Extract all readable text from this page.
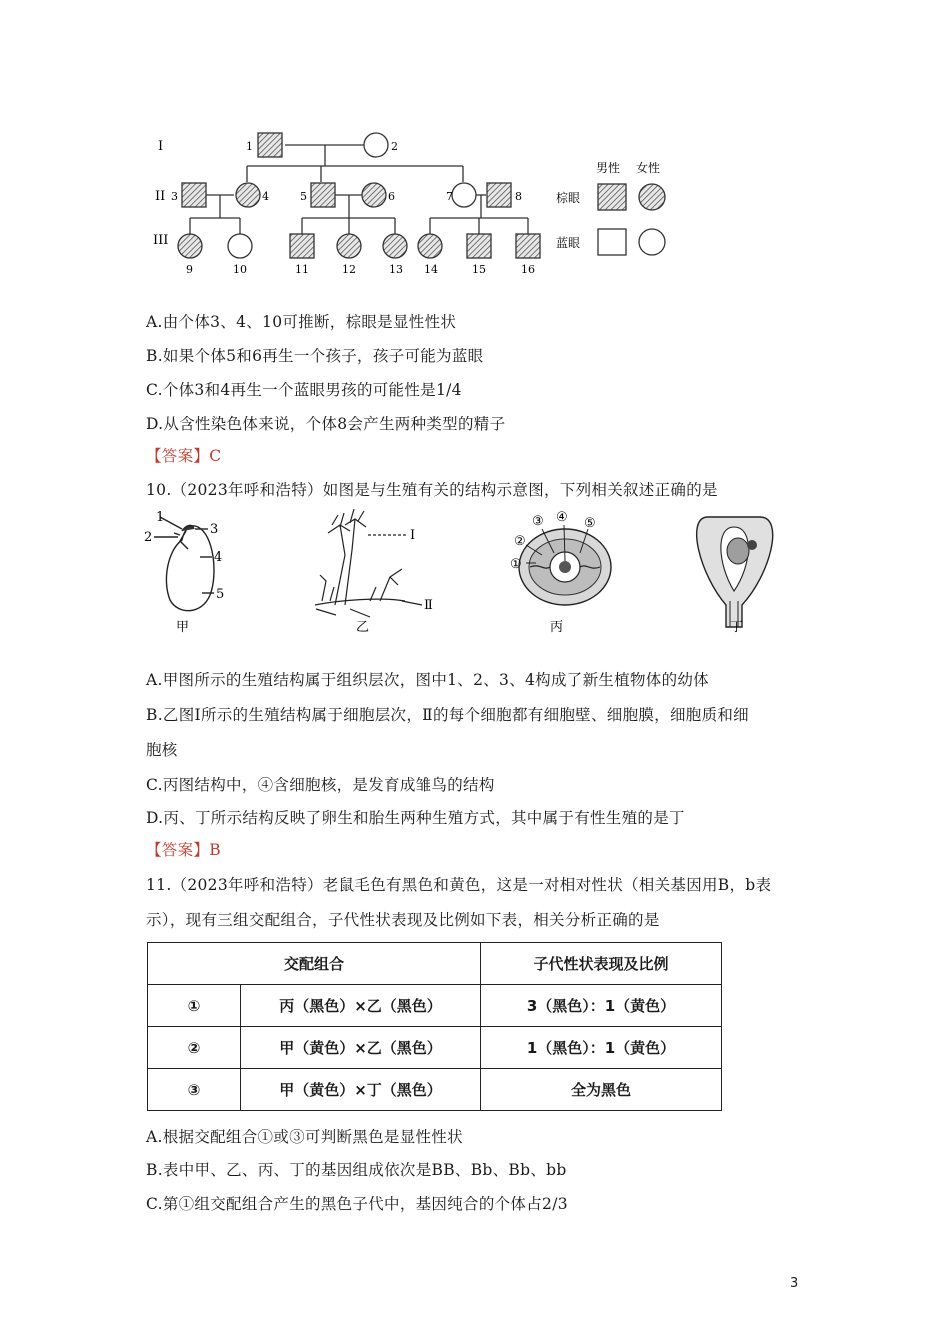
I
II
III
1	2
3	4	5	6	7	8
9	10	11	12	13 14	15	16
男性 女性
棕眼
蓝眼
A.由个体3、4、10可推断，棕眼是显性性状
B.如果个体5和6再生一个孩子，孩子可能为蓝眼
C.个体3和4再生一个蓝眼男孩的可能性是1/4
D.从含性染色体来说，个体8会产生两种类型的精子
【答案】C
10.（2023年呼和浩特）如图是与生殖有关的结构示意图，下列相关叙述正确的是
1
2
3
4
5
甲
Ⅰ
Ⅱ
乙
①
②
③ ④ ⑤
丙	丁
A.甲图所示的生殖结构属于组织层次，图中1、2、3、4构成了新生植物体的幼体
B.乙图Ⅰ所示的生殖结构属于细胞层次，Ⅱ的每个细胞都有细胞壁、细胞膜，细胞质和细
胞核
C.丙图结构中，④含细胞核，是发育成雏鸟的结构
D.丙、丁所示结构反映了卵生和胎生两种生殖方式，其中属于有性生殖的是丁
【答案】B
11.（2023年呼和浩特）老鼠毛色有黑色和黄色，这是一对相对性状（相关基因用B，b表
示），现有三组交配组合，子代性状表现及比例如下表，相关分析正确的是
交配组合		子代性状表现及比例
①	丙（黑色）×乙（黑色）	3（黑色）：1（黄色）
②	甲（黄色）×乙（黑色）	1（黑色）：1（黄色）
③	甲（黄色）×丁（黑色）	全为黑色
A.根据交配组合①或③可判断黑色是显性性状
B.表中甲、乙、丙、丁的基因组成依次是BB、Bb、Bb、bb
C.第①组交配组合产生的黑色子代中，基因纯合的个体占2/3
3
